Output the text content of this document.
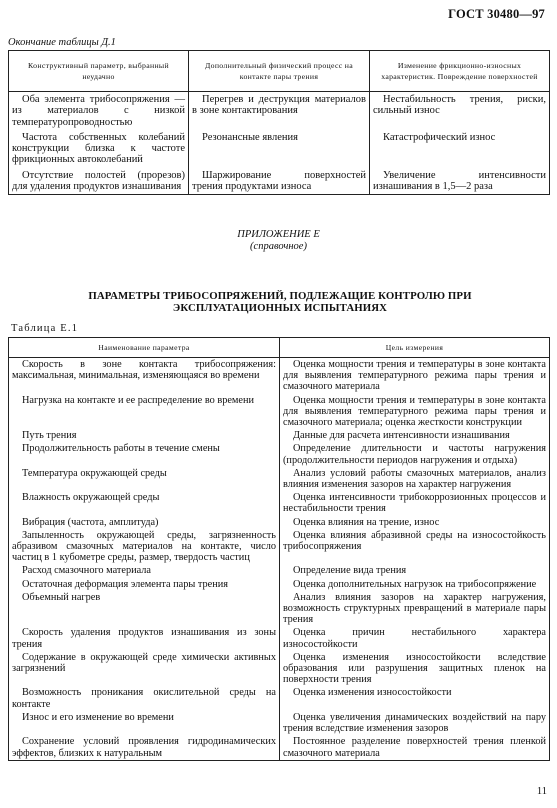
ГОСТ 30480—97
Окончание таблицы Д.1
Конструктивный параметр, выбранный неудачно	Дополнительный физический процесс на контакте пары трения	Изменение фрикционно-износных характеристик. Повреждение поверхностей
Оба элемента трибосопряжения — из материалов с низкой температуропроводностью	Перегрев и деструкция материалов в зоне контактирования	Нестабильность трения, риски, сильный износ
Частота собственных колебаний конструкции близка к частоте фрикционных автоколебаний	Резонансные явления	Катастрофический износ
Отсутствие полостей (прорезов) для удаления продуктов изнашивания	Шаржирование поверхностей трения продуктами износа	Увеличение интенсивности изнашивания в 1,5—2 раза
ПРИЛОЖЕНИЕ Е
(справочное)
ПАРАМЕТРЫ ТРИБОСОПРЯЖЕНИЙ, ПОДЛЕЖАЩИЕ КОНТРОЛЮ ПРИ ЭКСПЛУАТАЦИОННЫХ ИСПЫТАНИЯХ
Таблица Е.1
Наименование параметра	Цель измерения
Скорость в зоне контакта трибосопряжения: максимальная, минимальная, изменяющаяся во времени	Оценка мощности трения и температуры в зоне контакта для выявления температурного режима пары трения и смазочного материала
Нагрузка на контакте и ее распределение во времени	Оценка мощности трения и температуры в зоне контакта для выявления температурного режима пары трения и смазочного материала; оценка жесткости конструкции
Путь трения	Данные для расчета интенсивности изнашивания
Продолжительность работы в течение смены	Определение длительности и частоты нагружения (продолжительности периодов нагружения и отдыха)
Температура окружающей среды	Анализ условий работы смазочных материалов, анализ влияния изменения зазоров на характер нагружения
Влажность окружающей среды	Оценка интенсивности трибокоррозионных процессов и нестабильности трения
Вибрация (частота, амплитуда)	Оценка влияния на трение, износ
Запыленность окружающей среды, загрязненность абразивом смазочных материалов на контакте, число частиц в 1 кубометре среды, размер, твердость частиц	Оценка влияния абразивной среды на износостойкость трибосопряжения
Расход смазочного материала	Определение вида трения
Остаточная деформация элемента пары трения	Оценка дополнительных нагрузок на трибосопряжение
Объемный нагрев	Анализ влияния зазоров на характер нагружения, возможность структурных превращений в материале пары трения
Скорость удаления продуктов изнашивания из зоны трения	Оценка причин нестабильного характера износостойкости
Содержание в окружающей среде химически активных загрязнений	Оценка изменения износостойкости вследствие образования или разрушения защитных пленок на поверхности трения
Возможность проникания окислительной среды на контакте	Оценка изменения износостойкости
Износ и его изменение во времени	Оценка увеличения динамических воздействий на пару трения вследствие изменения зазоров
Сохранение условий проявления гидродинамических эффектов, близких к натуральным	Постоянное разделение поверхностей трения пленкой смазочного материала
11
